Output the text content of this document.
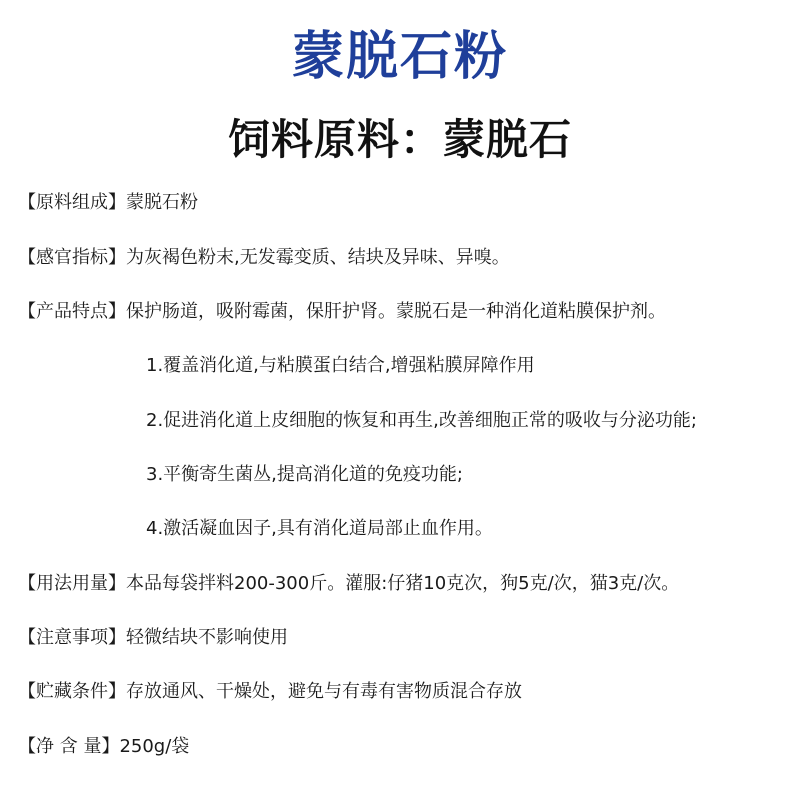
蒙脱石粉
饲料原料：蒙脱石
【原料组成】蒙脱石粉
【感官指标】为灰褐色粉末,无发霉变质、结块及异味、异嗅。
【产品特点】保护肠道，吸附霉菌，保肝护肾。蒙脱石是一种消化道粘膜保护剂。
1.覆盖消化道,与粘膜蛋白结合,增强粘膜屏障作用
2.促进消化道上皮细胞的恢复和再生,改善细胞正常的吸收与分泌功能;
3.平衡寄生菌丛,提高消化道的免疫功能;
4.激活凝血因子,具有消化道局部止血作用。
【用法用量】本品每袋拌料200-300斤。灌服:仔猪10克次，狗5克/次，猫3克/次。
【注意事项】轻微结块不影响使用
【贮藏条件】存放通风、干燥处，避免与有毒有害物质混合存放
【净 含 量】250g/袋
